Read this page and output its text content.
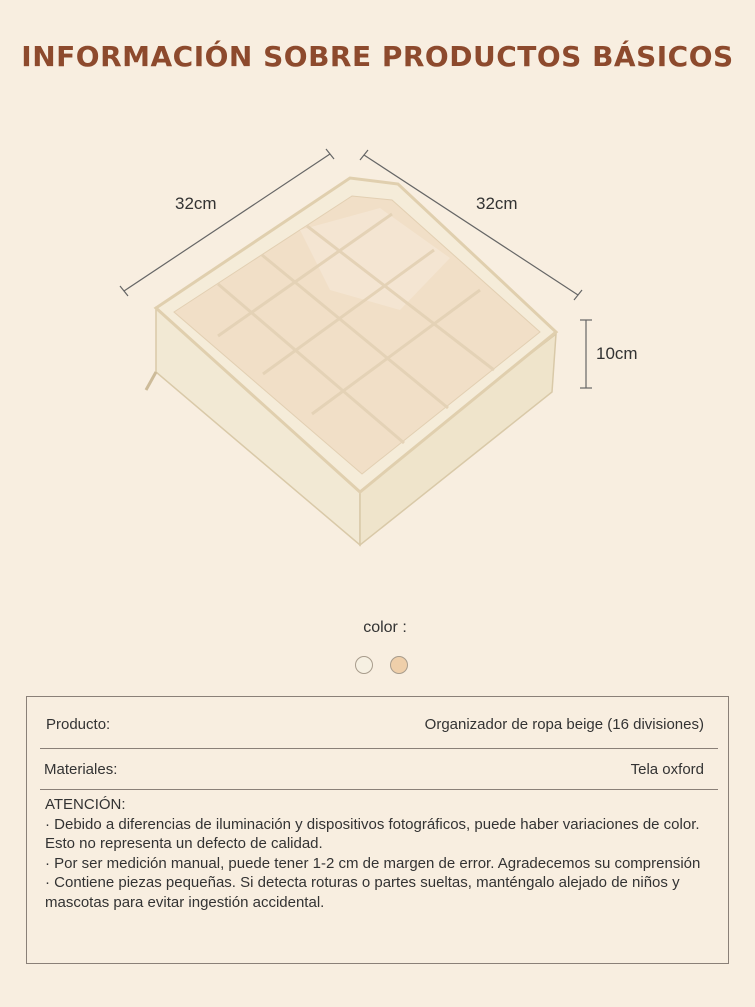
INFORMACIÓN SOBRE PRODUCTOS BÁSICOS
32cm	32cm
10cm
color :
Producto:	Organizador de ropa beige (16 divisiones)
Materiales:	Tela oxford

ATENCIÓN:

· Debido a diferencias de iluminación y dispositivos fotográficos, puede haber variaciones de color. Esto no representa un defecto de calidad.

· Por ser medición manual, puede tener 1-2 cm de margen de error. Agradecemos su comprensión

· Contiene piezas pequeñas. Si detecta roturas o partes sueltas, manténgalo alejado de niños y mascotas para evitar ingestión accidental.
